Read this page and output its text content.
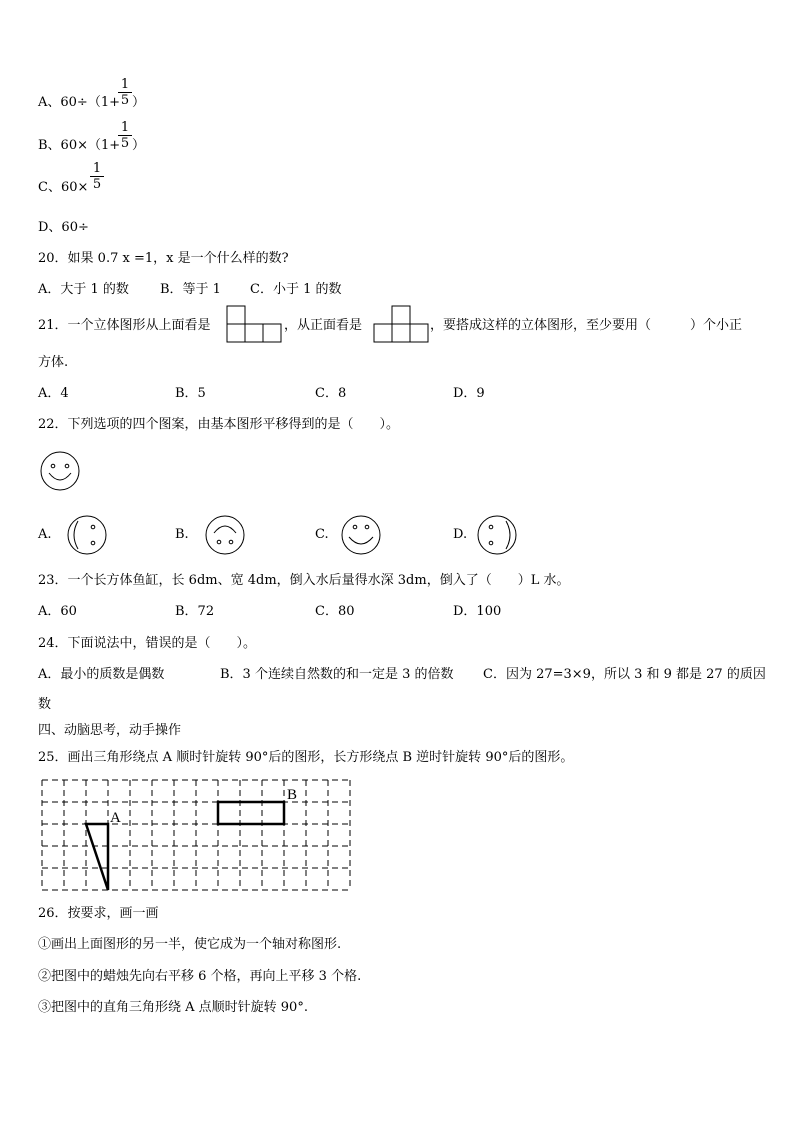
A、60÷（1+
1
5 ）
B、60×（1+
1
5 ）
C、60×
1
5
D、60÷
20．如果 0.7 x =1，x 是一个什么样的数?
A．大于 1 的数 B．等于 1 C．小于 1 的数
21．一个立体图形从上面看是	，从正面看是	，要搭成这样的立体图形，至少要用（　　　）个小正
方体.
A．4	B．5	C．8	D．9
22．下列选项的四个图案，由基本图形平移得到的是（　　）。
A.	B.	C.	D.
23．一个长方体鱼缸，长 6dm、宽 4dm，倒入水后量得水深 3dm，倒入了（　　）L 水。
A．60	B．72	C．80	D．100
24．下面说法中，错误的是（　　）。
A．最小的质数是偶数	B．3 个连续自然数的和一定是 3 的倍数 C．因为 27=3×9，所以 3 和 9 都是 27 的质因
数
四、动脑思考，动手操作
25．画出三角形绕点 A 顺时针旋转 90°后的图形，长方形绕点 B 逆时针旋转 90°后的图形。
A
B
26．按要求，画一画
①画出上面图形的另一半，使它成为一个轴对称图形.
②把图中的蜡烛先向右平移 6 个格，再向上平移 3 个格.
③把图中的直角三角形绕 A 点顺时针旋转 90°.
